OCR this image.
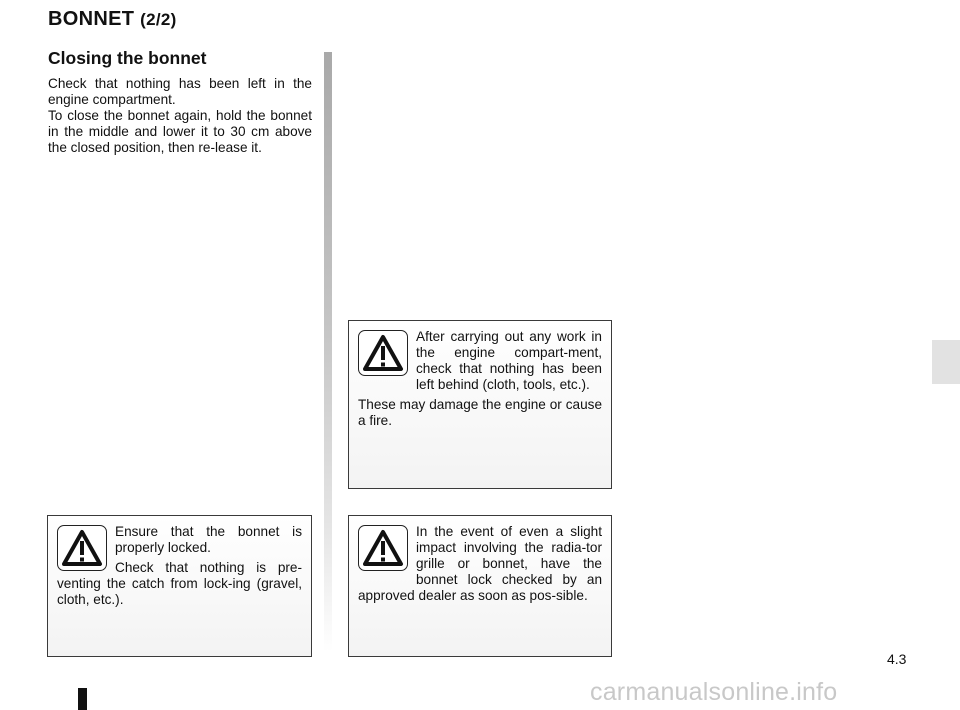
BONNET (2/2)
Closing the bonnet

Check that nothing has been left in the engine compartment.

To close the bonnet again, hold the bonnet in the middle and lower it to 30 cm above the closed position, then re-lease it.

After carrying out any work in the engine compart-ment, check that nothing has been left behind (cloth, tools, etc.).

These may damage the engine or cause a fire.

Ensure that the bonnet is properly locked.

Check that nothing is pre-venting the catch from lock-ing (gravel, cloth, etc.).

In the event of even a slight impact involving the radia-tor grille or bonnet, have the bonnet lock checked by an approved dealer as soon as pos-sible.

4.3
carmanualsonline.info
